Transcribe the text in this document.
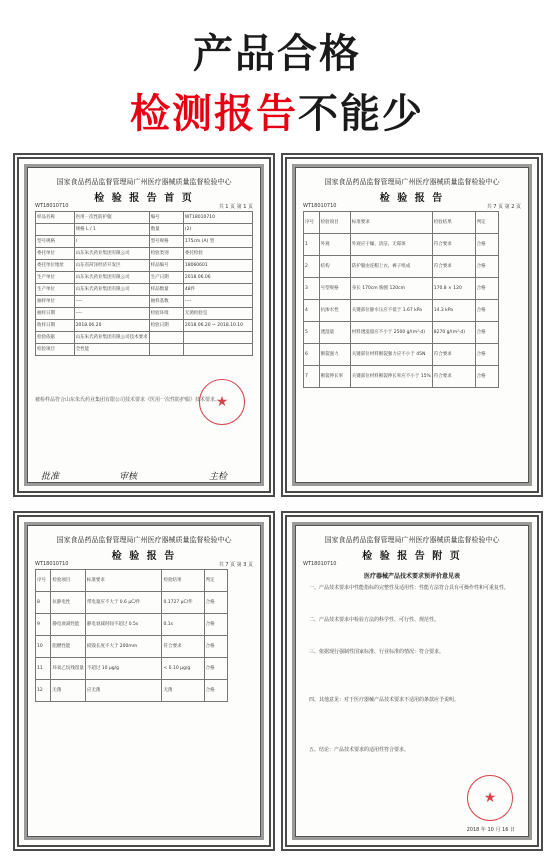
产品合格
检测报告不能少
国家食品药品监督管理局广州医疗器械质量监督检验中心
检 验 报 告 首 页
WT18010710	共 1 页 第 1 页
样品名称	医用一次性防护服	编号	WT18010710
	规格 L / 1	数量	(2)
型号规格	/	型号规格	175cm (A) 型
委托单位	山东朱氏药业集团有限公司	检验类别	委托检验
委托单位地址	山东省菏泽经济开发区	样品编号	18060601
生产单位	山东朱氏药业集团有限公司	生产日期	2018.06.06
生产单位	山东朱氏药业集团有限公司	样品数量	48件
抽样单位	----	抽样基数	----
抽样日期	----	检验环境	无菌检验室
收样日期	2018.06.20	检验日期	2018.06.20 ~ 2018.10.10
检验依据	山东朱氏药业集团有限公司技术要求		
检验项目	全性能		
被检样品符合山东朱氏药业集团有限公司技术要求《医用一次性防护服》技术要求。
★
批准	审核	主检
国家食品药品监督管理局广州医疗器械质量监督检验中心
检 验 报 告
WT18010710	共 7 页 第 2 页
序号	检验项目	标准要求	检验结果	判定
1	外观	外观应干燥、清洁、无霉斑	符合要求	合格
2	结构	防护服由连帽上衣、裤子组成	符合要求	合格
3	号型规格	身长 170cm 胸围 120cm	170.8 × 120	合格
4	抗渗水性	关键部位静水压应不低于 1.67 kPa	14.3 kPa	合格
5	透湿量	材料透湿量应不小于 2500 g/(m²·d)	8270 g/(m²·d)	合格
6	断裂强力	关键部位材料断裂强力应不小于 45N	符合要求	合格
7	断裂伸长率	关键部位材料断裂伸长率应不小于 15%	符合要求	合格
国家食品药品监督管理局广州医疗器械质量监督检验中心
检 验 报 告
WT18010710	共 7 页 第 3 页
序号	检验项目	标准要求	检验结果	判定
8	抗静电性	带电量应不大于 0.6 μC/件	0.1727 μC/件	合格
9	静电衰减性能	静电衰减时间不超过 0.5s	0.1s	合格
10	阻燃性能	损毁长度不大于 200mm	符合要求	合格
11	环氧乙烷残留量	不超过 10 μg/g	< 0.10 μg/g	合格
12	无菌	应无菌	无菌	合格
国家食品药品监督管理局广州医疗器械质量监督检验中心
检 验 报 告 附 页
WT18010710
医疗器械产品技术要求预评价意见表
一、产品技术要求中性能指标的完整性及适用性：性能方法符合具有可操作性和可重复性，
二、产品技术要求中检验方法的科学性、可行性、规范性。
三、依据现行强制性国家标准、行业标准的情况：符合要求。
四、其他意见：对于医疗器械产品技术要求不适用的条款应予说明。
五、结论：产品技术要求的适用性符合要求。
★
2018 年 10 月 16 日
